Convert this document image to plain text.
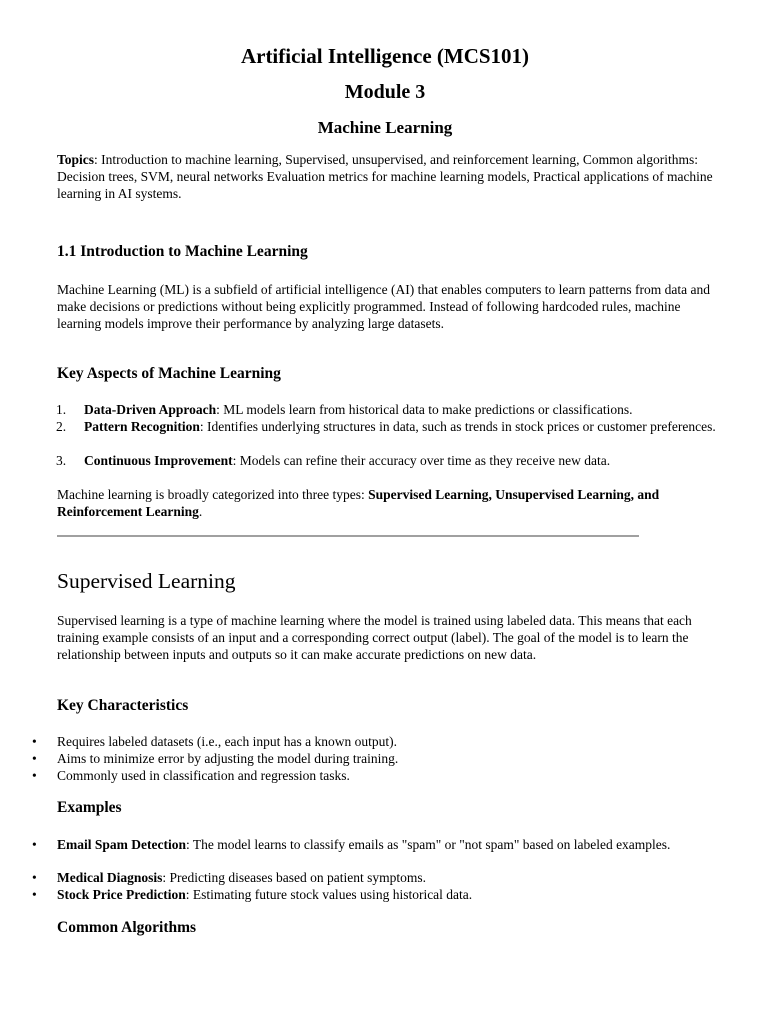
Artificial Intelligence (MCS101)
Module 3
Machine Learning

Topics: Introduction to machine learning, Supervised, unsupervised, and reinforcement learning, Common algorithms: Decision trees, SVM, neural networks Evaluation metrics for machine learning models, Practical applications of machine learning in AI systems.

1.1 Introduction to Machine Learning

Machine Learning (ML) is a subfield of artificial intelligence (AI) that enables computers to learn patterns from data and make decisions or predictions without being explicitly programmed. Instead of following hardcoded rules, machine learning models improve their performance by analyzing large datasets.

Key Aspects of Machine Learning
1.	Data-Driven Approach: ML models learn from historical data to make predictions or classifications.
2.	Pattern Recognition: Identifies underlying structures in data, such as trends in stock prices or customer preferences.
3.	Continuous Improvement: Models can refine their accuracy over time as they receive new data.

Machine learning is broadly categorized into three types: Supervised Learning, Unsupervised Learning, and Reinforcement Learning.

Supervised Learning

Supervised learning is a type of machine learning where the model is trained using labeled data. This means that each training example consists of an input and a corresponding correct output (label). The goal of the model is to learn the relationship between inputs and outputs so it can make accurate predictions on new data.

Key Characteristics
• Requires labeled datasets (i.e., each input has a known output).
• Aims to minimize error by adjusting the model during training.
• Commonly used in classification and regression tasks.
Examples
• Email Spam Detection: The model learns to classify emails as "spam" or "not spam" based on labeled examples.
• Medical Diagnosis: Predicting diseases based on patient symptoms.
• Stock Price Prediction: Estimating future stock values using historical data.
Common Algorithms
